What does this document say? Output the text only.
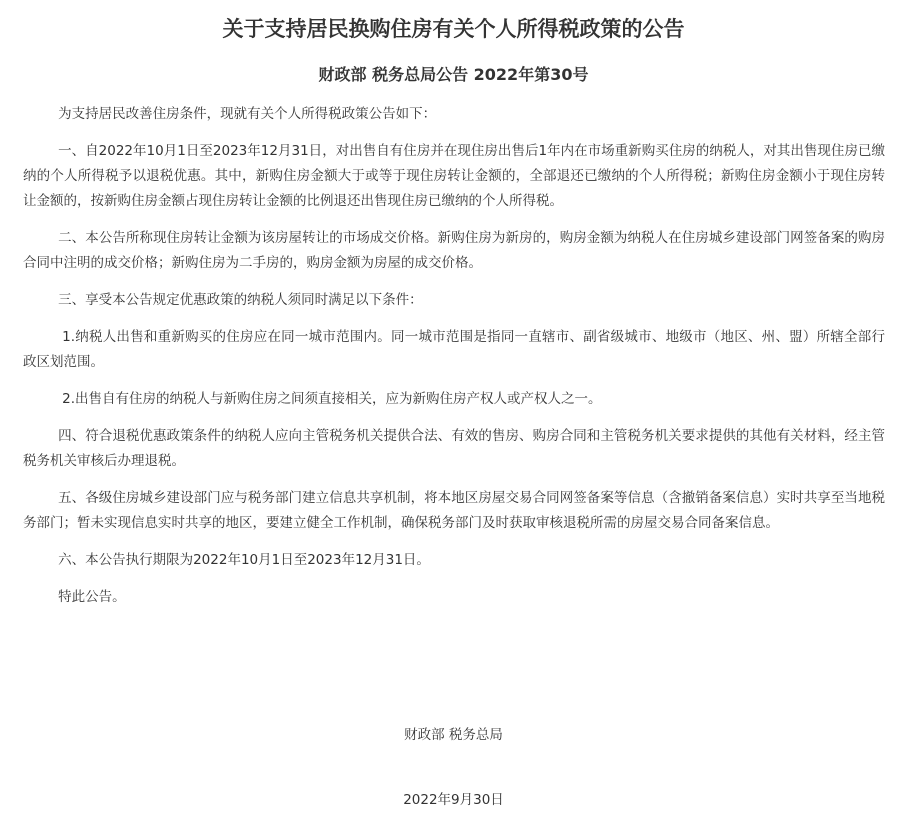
关于支持居民换购住房有关个人所得税政策的公告
财政部 税务总局公告 2022年第30号

为支持居民改善住房条件，现就有关个人所得税政策公告如下：

一、自2022年10月1日至2023年12月31日，对出售自有住房并在现住房出售后1年内在市场重新购买住房的纳税人，对其出售现住房已缴纳的个人所得税予以退税优惠。其中，新购住房金额大于或等于现住房转让金额的，全部退还已缴纳的个人所得税；新购住房金额小于现住房转让金额的，按新购住房金额占现住房转让金额的比例退还出售现住房已缴纳的个人所得税。

二、本公告所称现住房转让金额为该房屋转让的市场成交价格。新购住房为新房的，购房金额为纳税人在住房城乡建设部门网签备案的购房合同中注明的成交价格；新购住房为二手房的，购房金额为房屋的成交价格。

三、享受本公告规定优惠政策的纳税人须同时满足以下条件：

1.纳税人出售和重新购买的住房应在同一城市范围内。同一城市范围是指同一直辖市、副省级城市、地级市（地区、州、盟）所辖全部行政区划范围。

2.出售自有住房的纳税人与新购住房之间须直接相关，应为新购住房产权人或产权人之一。

四、符合退税优惠政策条件的纳税人应向主管税务机关提供合法、有效的售房、购房合同和主管税务机关要求提供的其他有关材料，经主管税务机关审核后办理退税。

五、各级住房城乡建设部门应与税务部门建立信息共享机制，将本地区房屋交易合同网签备案等信息（含撤销备案信息）实时共享至当地税务部门；暂未实现信息实时共享的地区，要建立健全工作机制，确保税务部门及时获取审核退税所需的房屋交易合同备案信息。

六、本公告执行期限为2022年10月1日至2023年12月31日。

特此公告。

财政部 税务总局
2022年9月30日
